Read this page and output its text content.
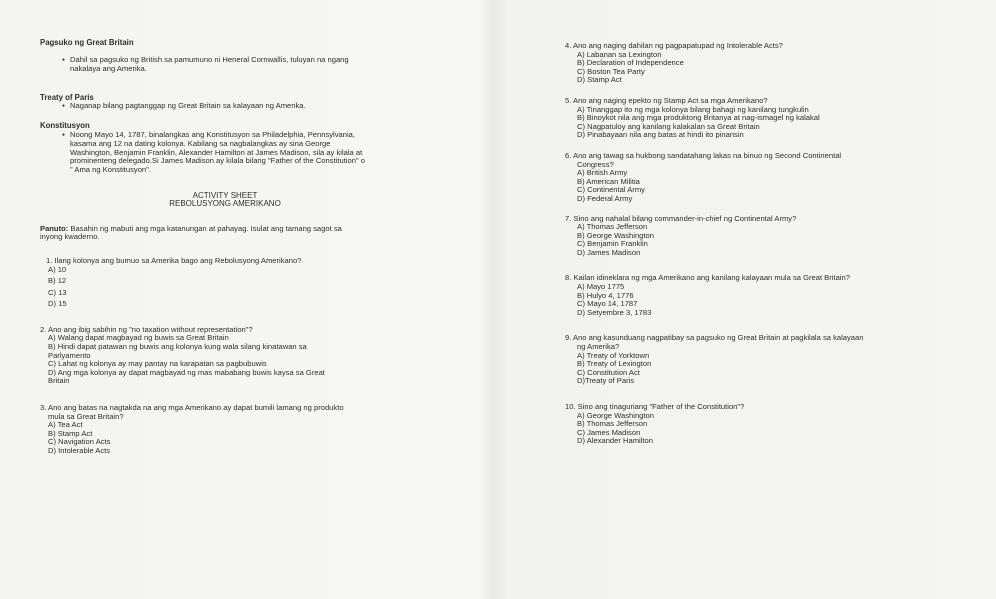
Pagsuko ng Great Britain
● Dahil sa pagsuko ng British sa pamumuno ni Heneral Cornwallis, tuluyan na ngang
nakalaya ang Amerika.
Treaty of Paris
● Naganap bilang pagtanggap ng Great Britain sa kalayaan ng Amerika.
Konstitusyon
● Noong Mayo 14, 1787, binalangkas ang Konstitusyon sa Philadelphia, Pennsylvania,
kasama ang 12 na dating kolonya. Kabilang sa nagbalangkas ay sina George
Washington, Benjamin Franklin, Alexander Hamilton at James Madison, sila ay kilala at
prominenteng delegado.Si James Madison ay kilala bilang "Father of the Constitution" o
" Ama ng Konstitusyon".
ACTIVITY SHEET
REBOLUSYONG AMERIKANO
Panuto: Basahin ng mabuti ang mga katanungan at pahayag. Isulat ang tamang sagot sa
inyong kwaderno.
1. Ilang kolonya ang bumuo sa Amerika bago ang Rebolusyong Amerikano?
A) 10
B) 12
C) 13
D) 15
2. Ano ang ibig sabihin ng "no taxation without representation"?
A) Walang dapat magbayad ng buwis sa Great Britain
B) Hindi dapat patawan ng buwis ang kolonya kung wala silang kinatawan sa
Parlyamento
C) Lahat ng kolonya ay may pantay na karapatan sa pagbubuwis
D) Ang mga kolonya ay dapat magbayad ng mas mababang buwis kaysa sa Great
Britain
3. Ano ang batas na nagtakda na ang mga Amerikano ay dapat bumili lamang ng produkto
mula sa Great Britain?
A) Tea Act
B) Stamp Act
C) Navigation Acts
D) Intolerable Acts
4. Ano ang naging dahilan ng pagpapatupad ng Intolerable Acts?
A) Labanan sa Lexington
B) Declaration of Independence
C) Boston Tea Party
D) Stamp Act
5. Ano ang naging epekto ng Stamp Act sa mga Amerikano?
A) Tinanggap ito ng mga kolonya bilang bahagi ng kanilang tungkulin
B) Binoykot nila ang mga produktong Britanya at nag-ismagel ng kalakal
C) Nagpatuloy ang kanilang kalakalan sa Great Britain
D) Pinabayaan nila ang batas at hindi ito pinansin
6. Ano ang tawag sa hukbong sandatahang lakas na binuo ng Second Continental
Congress?
A) British Army
B) American Militia
C) Continental Army
D) Federal Army
7. Sino ang nahalal bilang commander-in-chief ng Continental Army?
A) Thomas Jefferson
B) George Washington
C) Benjamin Franklin
D) James Madison
8. Kailan idineklara ng mga Amerikano ang kanilang kalayaan mula sa Great Britain?
A) Mayo 1775
B) Hulyo 4, 1776
C) Mayo 14, 1787
D) Setyembre 3, 1783
9. Ano ang kasunduang nagpatibay sa pagsuko ng Great Britain at pagkilala sa kalayaan
ng Amerika?
A) Treaty of Yorktown
B) Treaty of Lexington
C) Constitution Act
D)Treaty of Paris
10. Sino ang tinaguriang "Father of the Constitution"?
A) George Washington
B) Thomas Jefferson
C) James Madison
D) Alexander Hamilton
